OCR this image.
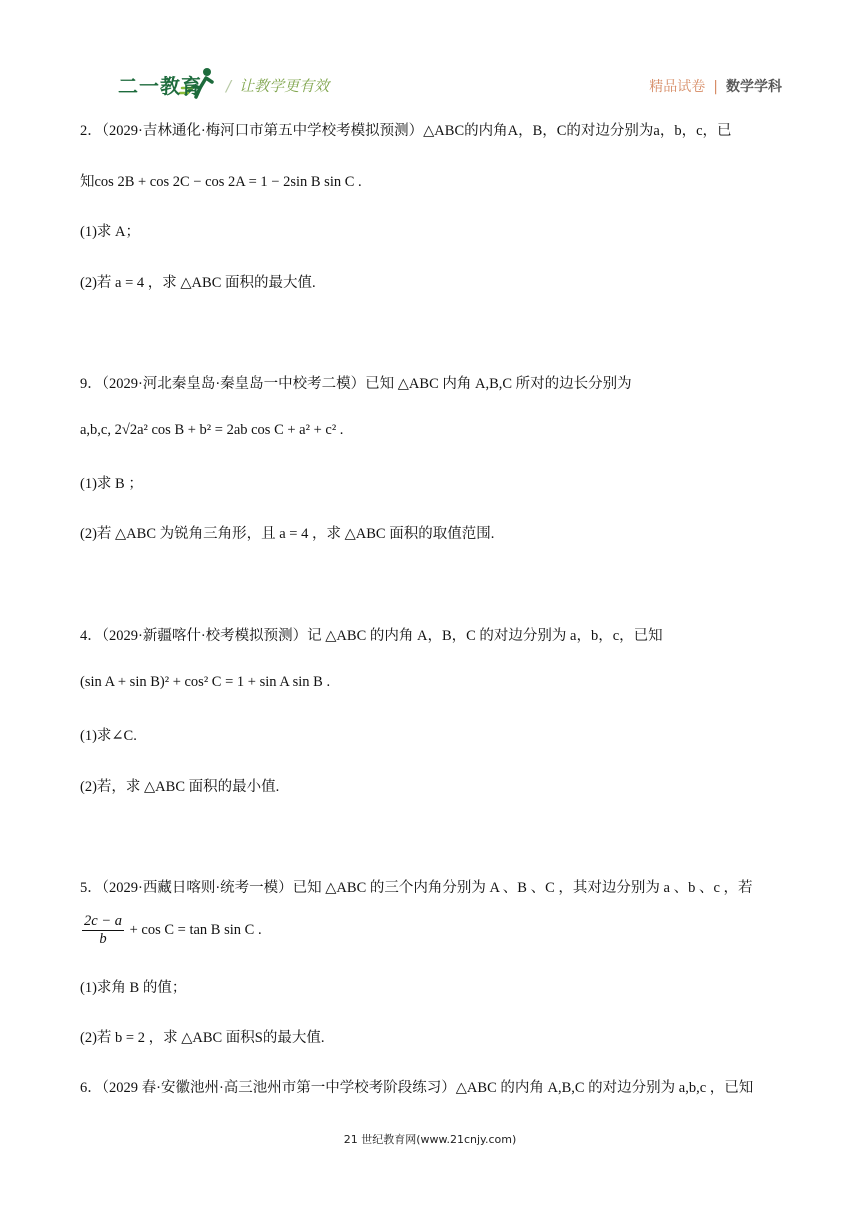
二一教育 / 让教学更有效	精品试卷 | 数学学科
2．（2029·吉林通化·梅河口市第五中学校考模拟预测）△ABC的内角A，B，C的对边分别为a，b，c，已
知cos 2B + cos 2C − cos 2A = 1 − 2sin B sin C .
(1)求 A；
(2)若 a = 4 ，求 △ABC 面积的最大值.
9．（2029·河北秦皇岛·秦皇岛一中校考二模）已知 △ABC 内角 A,B,C 所对的边长分别为
a,b,c, 2√2a² cos B + b² = 2ab cos C + a² + c² .
(1)求 B ；
(2)若 △ABC 为锐角三角形，且 a = 4 ，求 △ABC 面积的取值范围.
4．（2029·新疆喀什·校考模拟预测）记 △ABC 的内角 A，B，C 的对边分别为 a，b，c，已知
(sin A + sin B)² + cos² C = 1 + sin A sin B .
(1)求∠C.
(2)若，求 △ABC 面积的最小值.
5．（2029·西藏日喀则·统考一模）已知 △ABC 的三个内角分别为 A 、B 、C ，其对边分别为 a 、b 、c ，若
$\frac{2c - a}{b} + \cos C = \tan B$ sin C .
(1)求角 B 的值；
(2)若 b = 2 ，求 △ABC 面积S的最大值.
6．（2029 春·安徽池州·高三池州市第一中学校考阶段练习）△ABC 的内角 A,B,C 的对边分别为 a,b,c ，已知
21 世纪教育网(www.21cnjy.com)
